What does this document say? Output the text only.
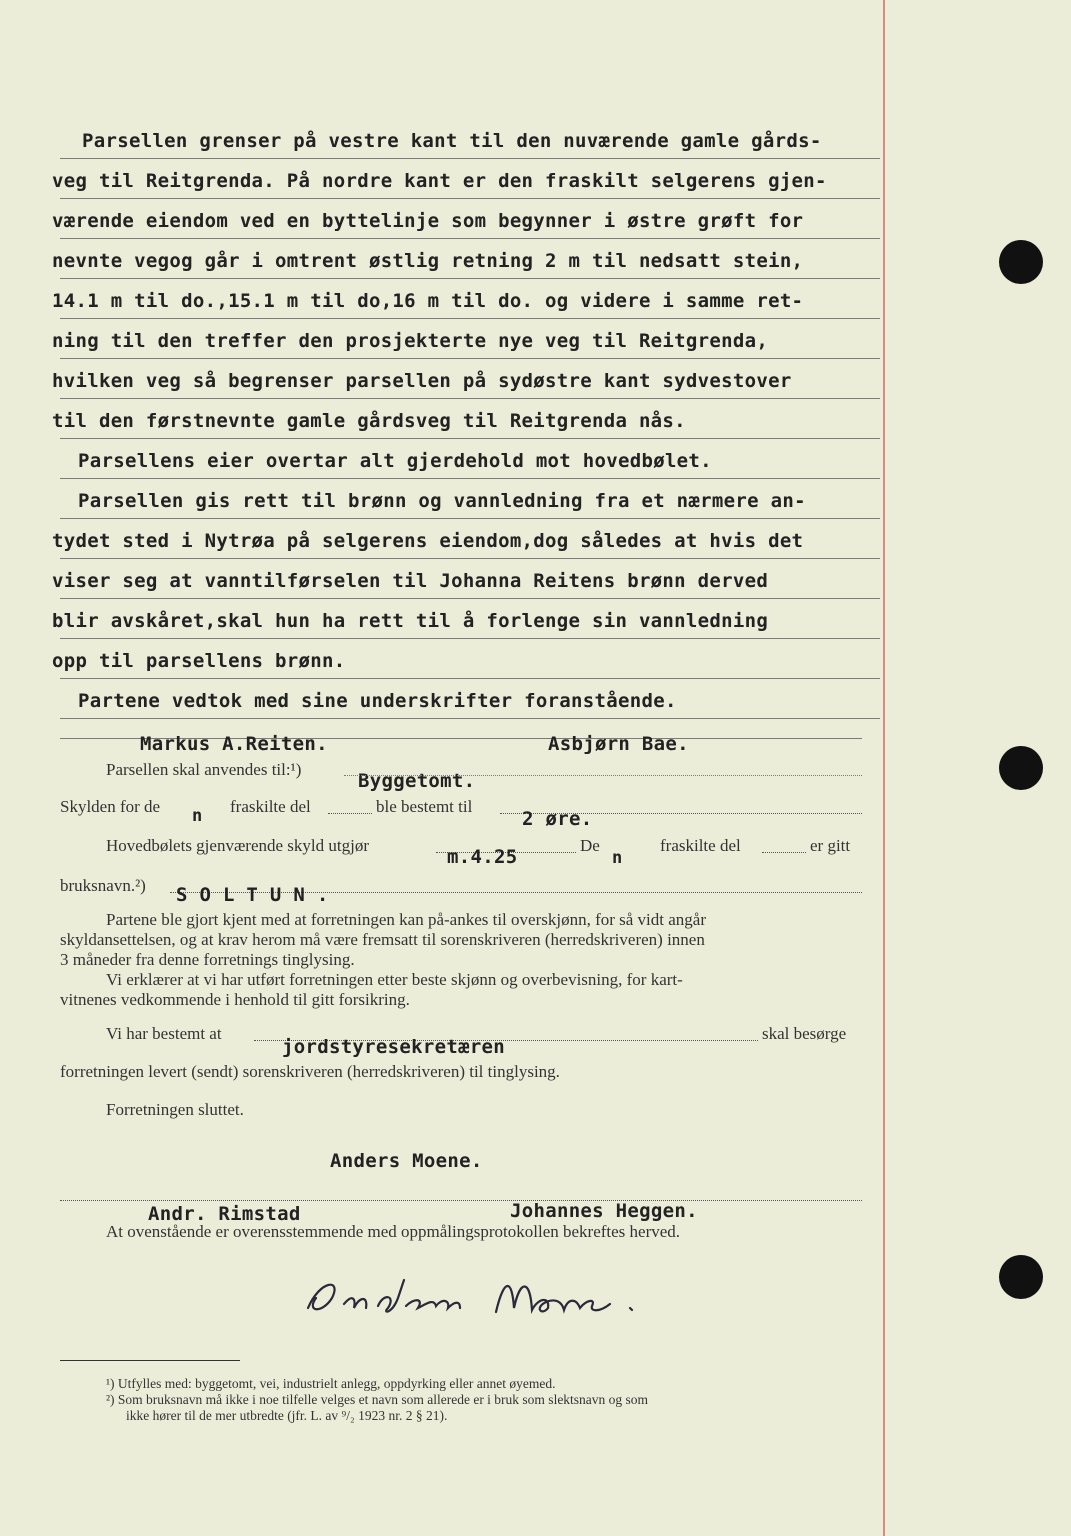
Parsellen grenser på vestre kant til den nuværende gamle gårds-
veg til Reitgrenda. På nordre kant er den fraskilt selgerens gjen-
værende eiendom ved en byttelinje som begynner i østre grøft for
nevnte vegog går i omtrent østlig retning 2 m til nedsatt stein,
14.1 m til do.,15.1 m til do,16 m til do. og videre i samme ret-
ning til den treffer den prosjekterte nye veg til Reitgrenda,
hvilken veg så begrenser parsellen på sydøstre kant sydvestover
til den førstnevnte gamle gårdsveg til Reitgrenda nås.
Parsellens eier overtar alt gjerdehold mot hovedbølet.
Parsellen gis rett til brønn og vannledning fra et nærmere an-
tydet sted i Nytrøa på selgerens eiendom,dog således at hvis det
viser seg at vanntilførselen til Johanna Reitens brønn derved
blir avskåret,skal hun ha rett til å forlenge sin vannledning
opp til parsellens brønn.
Partene vedtok med sine underskrifter foranstående.
Markus A.Reiten.	Asbjørn Bae.
Parsellen skal anvendes til:¹)
Byggetomt.
Skylden for de n fraskilte del	ble bestemt til
2 øre.
Hovedbølets gjenværende skyld utgjør
m.4.25
De
n
fraskilte del	er gitt
bruksnavn.²) S O L T U N .
Partene ble gjort kjent med at forretningen kan på-ankes til overskjønn, for så vidt angår
skyldansettelsen, og at krav herom må være fremsatt til sorenskriveren (herredskriveren) innen
3 måneder fra denne forretnings tinglysing.
Vi erklærer at vi har utført forretningen etter beste skjønn og overbevisning, for kart-
vitnenes vedkommende i henhold til gitt forsikring.
Vi har bestemt at	skal besørge
jordstyresekretæren
forretningen levert (sendt) sorenskriveren (herredskriveren) til tinglysing.
Forretningen sluttet.
Anders Moene.
Andr. Rimstad	Johannes Heggen.
At ovenstående er overensstemmende med oppmålingsprotokollen bekreftes herved.
¹) Utfylles med: byggetomt, vei, industrielt anlegg, oppdyrking eller annet øyemed.
²) Som bruksnavn må ikke i noe tilfelle velges et navn som allerede er i bruk som slektsnavn og som
ikke hører til de mer utbredte (jfr. L. av ⁹/₂ 1923 nr. 2 § 21).
